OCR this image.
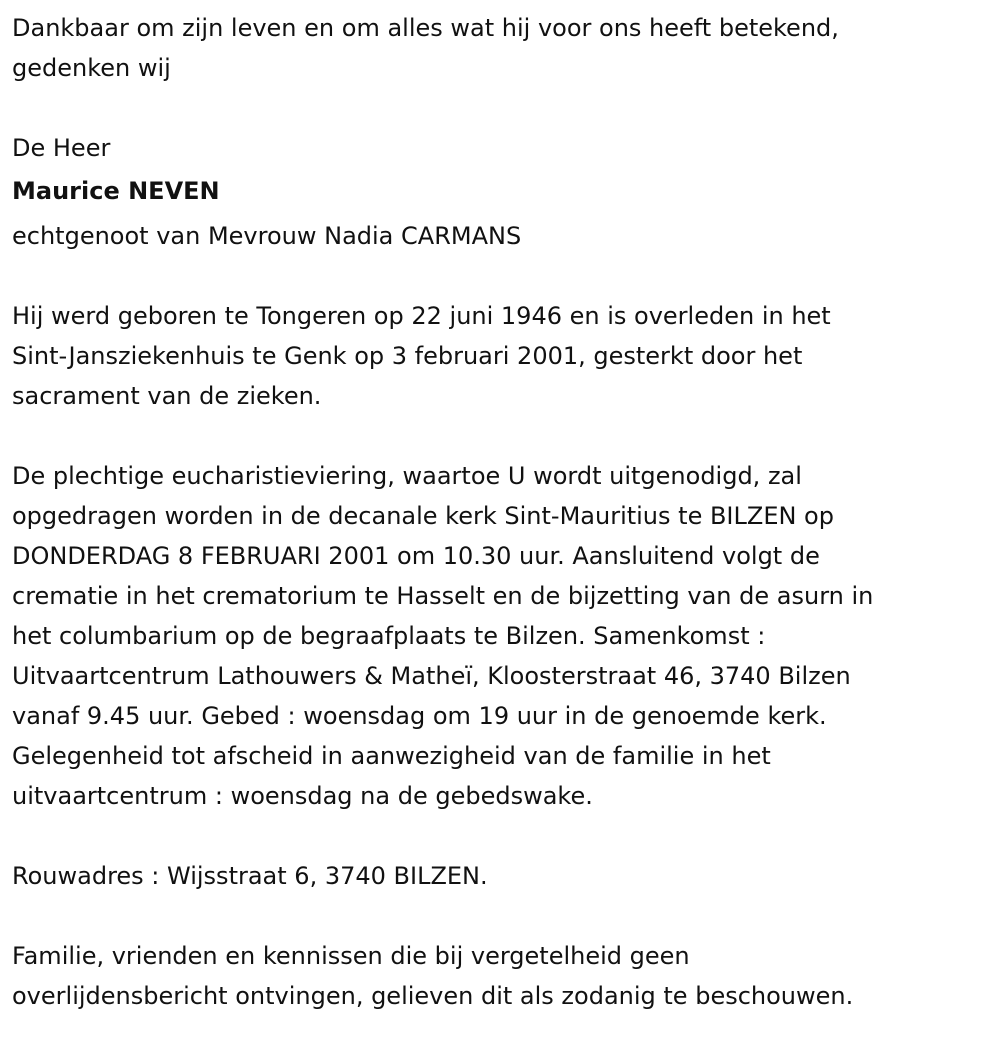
Dankbaar om zijn leven en om alles wat hij voor ons heeft betekend,
gedenken wij
De Heer
Maurice NEVEN
echtgenoot van Mevrouw Nadia CARMANS
Hij werd geboren te Tongeren op 22 juni 1946 en is overleden in het
Sint-Jansziekenhuis te Genk op 3 februari 2001, gesterkt door het
sacrament van de zieken.
De plechtige eucharistieviering, waartoe U wordt uitgenodigd, zal
opgedragen worden in de decanale kerk Sint-Mauritius te BILZEN op
DONDERDAG 8 FEBRUARI 2001 om 10.30 uur. Aansluitend volgt de
crematie in het crematorium te Hasselt en de bijzetting van de asurn in
het columbarium op de begraafplaats te Bilzen. Samenkomst :
Uitvaartcentrum Lathouwers & Matheï, Kloosterstraat 46, 3740 Bilzen
vanaf 9.45 uur. Gebed : woensdag om 19 uur in de genoemde kerk.
Gelegenheid tot afscheid in aanwezigheid van de familie in het
uitvaartcentrum : woensdag na de gebedswake.
Rouwadres : Wijsstraat 6, 3740 BILZEN.
Familie, vrienden en kennissen die bij vergetelheid geen
overlijdensbericht ontvingen, gelieven dit als zodanig te beschouwen.
